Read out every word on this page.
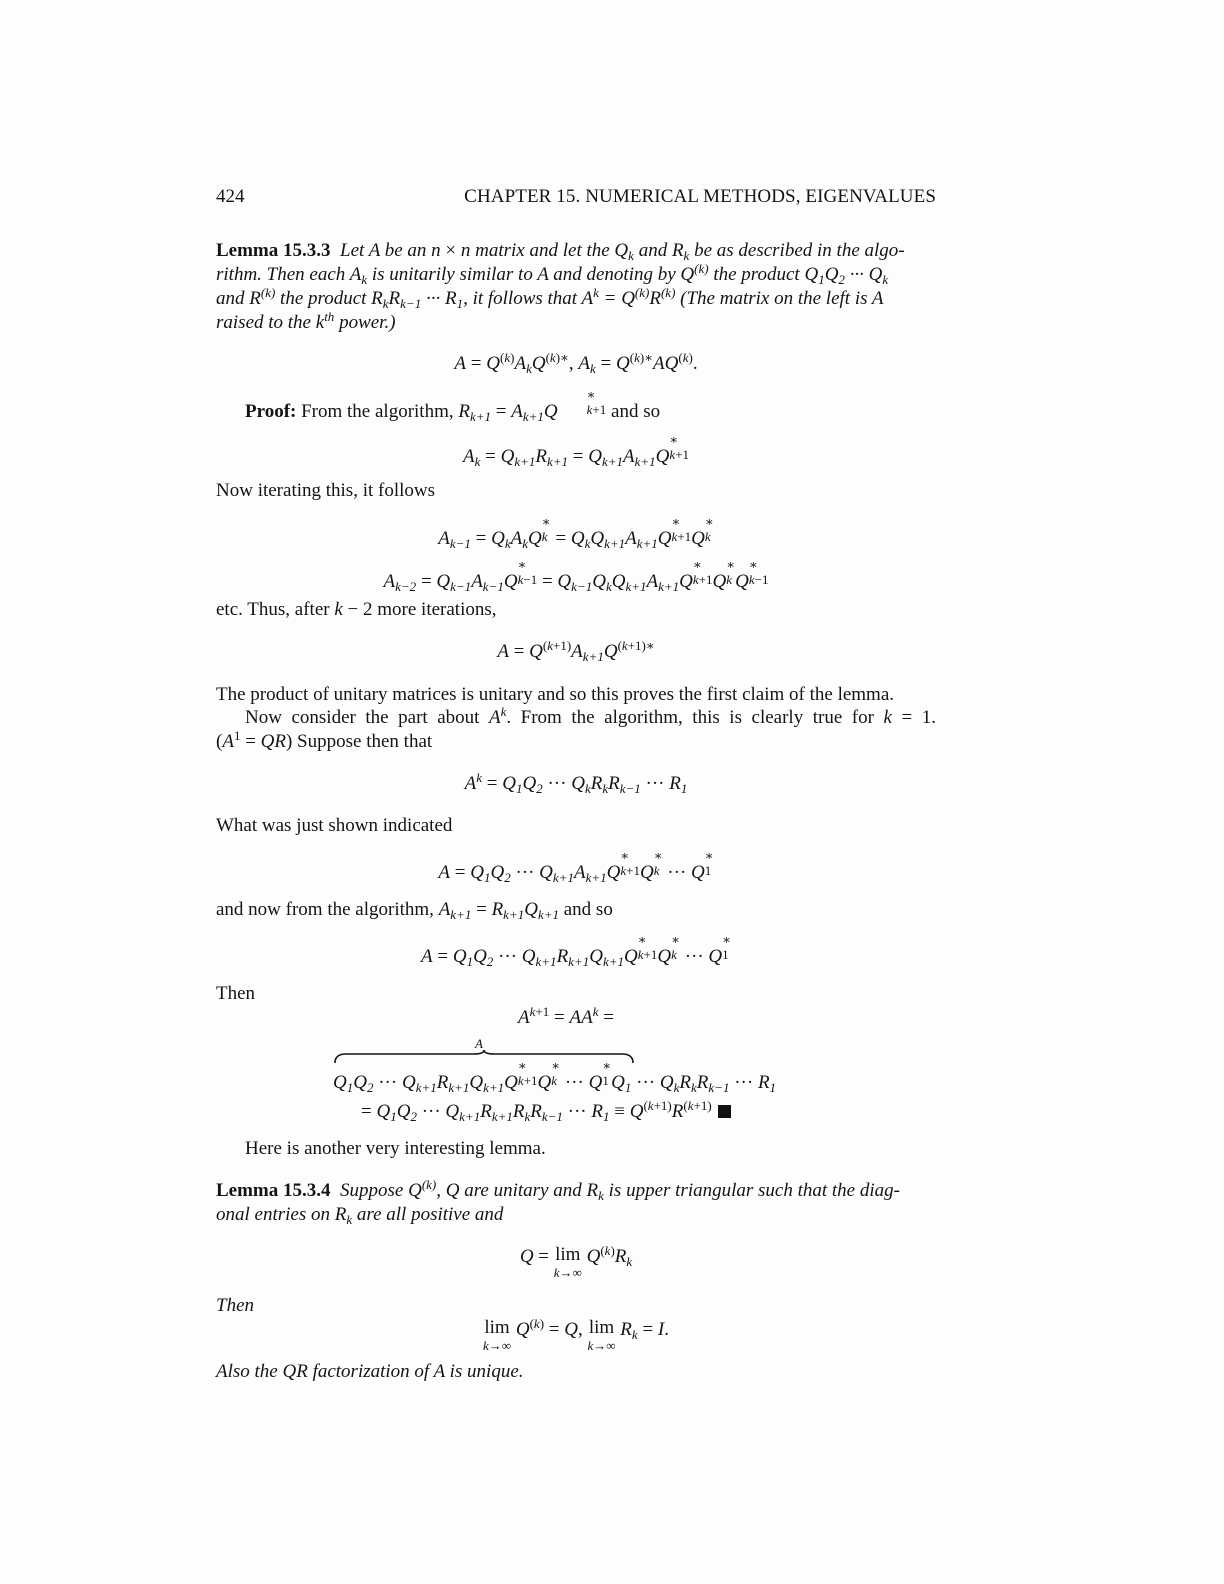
424	CHAPTER 15. NUMERICAL METHODS, EIGENVALUES
Lemma 15.3.3 Let A be an n × n matrix and let the $Q_k$ and $R_k$ be as described in the algo-
rithm. Then each $A_k$ is unitarily similar to A and denoting by $Q^{(k)}$ the product $Q_1Q_2$ ··· $Q_k$
and $R^{(k)}$ the product $R_kR_{k-1}$ ··· $R_1$, it follows that $A^k = Q^{(k)}R^{(k)}$ (The matrix on the left is A
raised to the $k^{th}$ power.)
$A = Q^{(k)}A_kQ^{(k)∗}$, $A_k = Q^{(k)∗}AQ^{(k)}$.
Proof: From the algorithm, $R_{k+1} = A_{k+1}Q$
∗
k+1 and so
$A_k = Q_{k+1}R_{k+1} = Q_{k+1}A_{k+1}Q$
∗
k+1
Now iterating this, it follows
$A_{k-1} = Q_kA_kQ$
∗
$k = Q_kQ_{k+1}A_{k+1}Q$
∗
k+1 Q
∗
k
$A_{k-2} = Q_{k-1}A_{k-1}Q$
∗
$k-1 = Q_{k-1}Q_kQ_{k+1}A_{k+1}Q$
∗
k+1 Q
∗
k Q
∗
k−1
etc. Thus, after k − 2 more iterations,
$A = Q^{(k+1)}A_{k+1}Q^{(k+1)∗}$
The product of unitary matrices is unitary and so this proves the first claim of the lemma.
Now consider the part about $A^k$. From the algorithm, this is clearly true for k = 1.
$(A^1 = QR)$ Suppose then that
$A^k = Q_1Q_2$ ··· $Q_kR_kR_{k-1}$ ··· $R_1$
What was just shown indicated
$A = Q_1Q_2$ ··· $Q_{k+1}A_{k+1}Q$
∗
k+1 Q
∗
k ··· Q
∗
1
and now from the algorithm, $A_{k+1} = R_{k+1}Q_{k+1}$ and so
$A = Q_1Q_2$ ··· $Q_{k+1}R_{k+1}Q_{k+1}Q$
∗
k+1 Q
∗
k ··· Q
∗
1
Then
$A^{k+1} = AA^k$ =
A
$Q_1Q_2$ ··· $Q_{k+1}R_{k+1}Q_{k+1}Q$
∗
k+1 Q
∗
k ··· Q
∗
1 $Q_1$ ··· $Q_kR_kR_{k-1}$ ··· $R_1$
= $Q_1Q_2$ ··· $Q_{k+1}R_{k+1}R_kR_{k-1}$ ··· $R_1 \equiv Q^{(k+1)}R^{(k+1)}$
Here is another very interesting lemma.
Lemma 15.3.4 Suppose $Q^{(k)}$, Q are unitary and $R_k$ is upper triangular such that the diag-
onal entries on $R_k$ are all positive and
Q = lim
k→∞
$Q^{(k)}R_k$
Then
lim
k→∞
$Q^{(k)} = Q$, lim
k→∞
$R_k = I$.
Also the QR factorization of A is unique.
